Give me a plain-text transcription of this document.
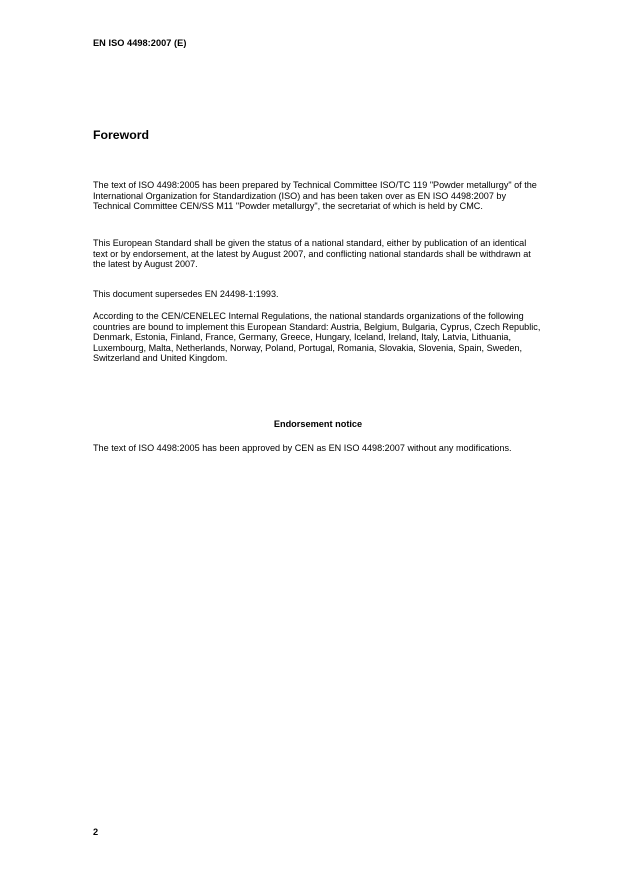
EN ISO 4498:2007 (E)
Foreword

The text of ISO 4498:2005 has been prepared by Technical Committee ISO/TC 119 "Powder metallurgy" of the International Organization for Standardization (ISO) and has been taken over as EN ISO 4498:2007 by Technical Committee CEN/SS M11 "Powder metallurgy", the secretariat of which is held by CMC.

This European Standard shall be given the status of a national standard, either by publication of an identical text or by endorsement, at the latest by August 2007, and conflicting national standards shall be withdrawn at the latest by August 2007.

This document supersedes EN 24498-1:1993.

According to the CEN/CENELEC Internal Regulations, the national standards organizations of the following countries are bound to implement this European Standard: Austria, Belgium, Bulgaria, Cyprus, Czech Republic, Denmark, Estonia, Finland, France, Germany, Greece, Hungary, Iceland, Ireland, Italy, Latvia, Lithuania, Luxembourg, Malta, Netherlands, Norway, Poland, Portugal, Romania, Slovakia, Slovenia, Spain, Sweden, Switzerland and United Kingdom.

Endorsement notice

The text of ISO 4498:2005 has been approved by CEN as EN ISO 4498:2007 without any modifications.

2
